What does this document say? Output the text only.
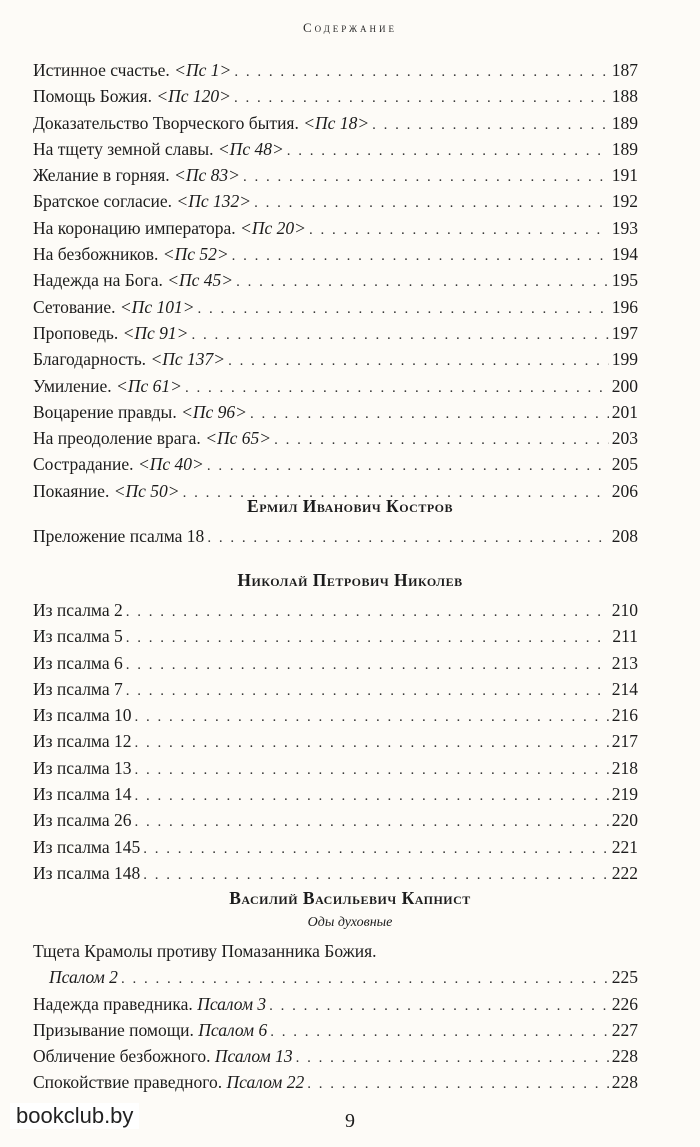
Содержание
Истинное счастье. <Пс 1> . . .	187
Помощь Божия. <Пс 120> . . .	188
Доказательство Творческого бытия. <Пс 18> . . .	189
На тщету земной славы. <Пс 48> . . .	189
Желание в горняя. <Пс 83> . . .	191
Братское согласие. <Пс 132> . . .	192
На коронацию императора. <Пс 20> . . .	193
На безбожников. <Пс 52> . . .	194
Надежда на Бога. <Пс 45> . . .	195
Сетование. <Пс 101> . . .	196
Проповедь. <Пс 91> . . .	197
Благодарность. <Пс 137> . . .	199
Умиление. <Пс 61> . . .	200
Воцарение правды. <Пс 96> . . .	201
На преодоление врага. <Пс 65> . . .	203
Сострадание. <Пс 40> . . .	205
Покаяние. <Пс 50> . . .	206
Ермил Иванович Костров
Преложение псалма 18 . . .	208
Николай Петрович Николев
Из псалма 2 . . .	210
Из псалма 5 . . .	211
Из псалма 6 . . .	213
Из псалма 7 . . .	214
Из псалма 10 . . .	216
Из псалма 12 . . .	217
Из псалма 13 . . .	218
Из псалма 14 . . .	219
Из псалма 26 . . .	220
Из псалма 145 . . .	221
Из псалма 148 . . .	222
Василий Васильевич Капнист
Оды духовные
Тщета Крамолы противу Помазанника Божия.
Псалом 2 . . .	225
Надежда праведника. Псалом 3 . . .	226
Призывание помощи. Псалом 6 . . .	227
Обличение безбожного. Псалом 13 . . .	228
Спокойствие праведного. Псалом 22 . . .	228
9
bookclub.by
